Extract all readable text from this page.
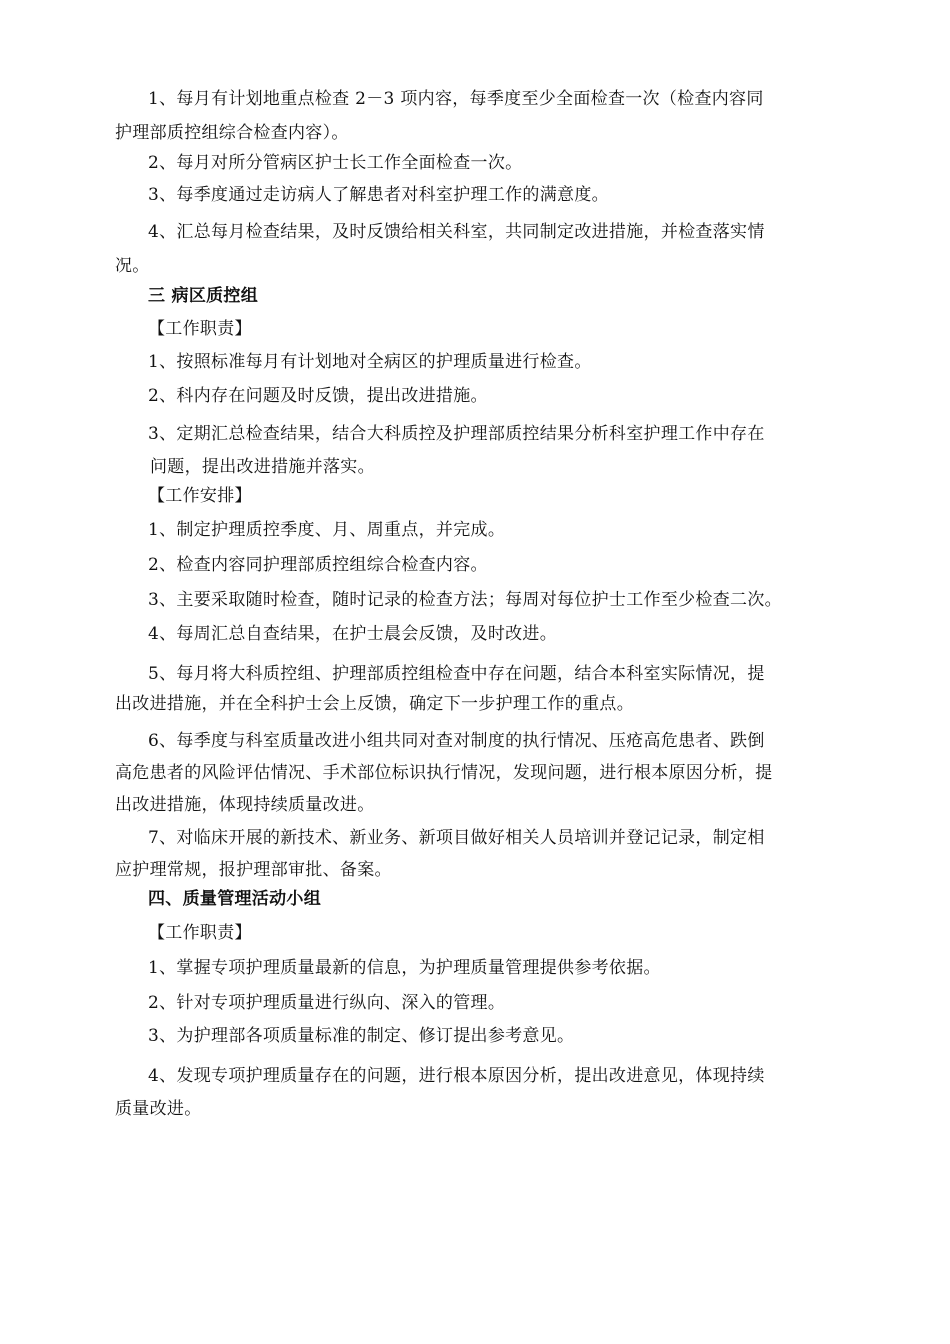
1、每月有计划地重点检查 2－3 项内容，每季度至少全面检查一次（检查内容同
护理部质控组综合检查内容）。
2、每月对所分管病区护士长工作全面检查一次。
3、每季度通过走访病人了解患者对科室护理工作的满意度。
4、汇总每月检查结果，及时反馈给相关科室，共同制定改进措施，并检查落实情
况。
三 病区质控组
【工作职责】
1、按照标准每月有计划地对全病区的护理质量进行检查。
2、科内存在问题及时反馈，提出改进措施。
3、定期汇总检查结果，结合大科质控及护理部质控结果分析科室护理工作中存在
问题，提出改进措施并落实。
【工作安排】
1、制定护理质控季度、月、周重点，并完成。
2、检查内容同护理部质控组综合检查内容。
3、主要采取随时检查，随时记录的检查方法；每周对每位护士工作至少检查二次。
4、每周汇总自查结果，在护士晨会反馈，及时改进。
5、每月将大科质控组、护理部质控组检查中存在问题，结合本科室实际情况，提
出改进措施，并在全科护士会上反馈，确定下一步护理工作的重点。
6、每季度与科室质量改进小组共同对查对制度的执行情况、压疮高危患者、跌倒
高危患者的风险评估情况、手术部位标识执行情况，发现问题，进行根本原因分析，提
出改进措施，体现持续质量改进。
7、对临床开展的新技术、新业务、新项目做好相关人员培训并登记记录，制定相
应护理常规，报护理部审批、备案。
四、质量管理活动小组
【工作职责】
1、掌握专项护理质量最新的信息，为护理质量管理提供参考依据。
2、针对专项护理质量进行纵向、深入的管理。
3、为护理部各项质量标准的制定、修订提出参考意见。
4、发现专项护理质量存在的问题，进行根本原因分析，提出改进意见，体现持续
质量改进。
